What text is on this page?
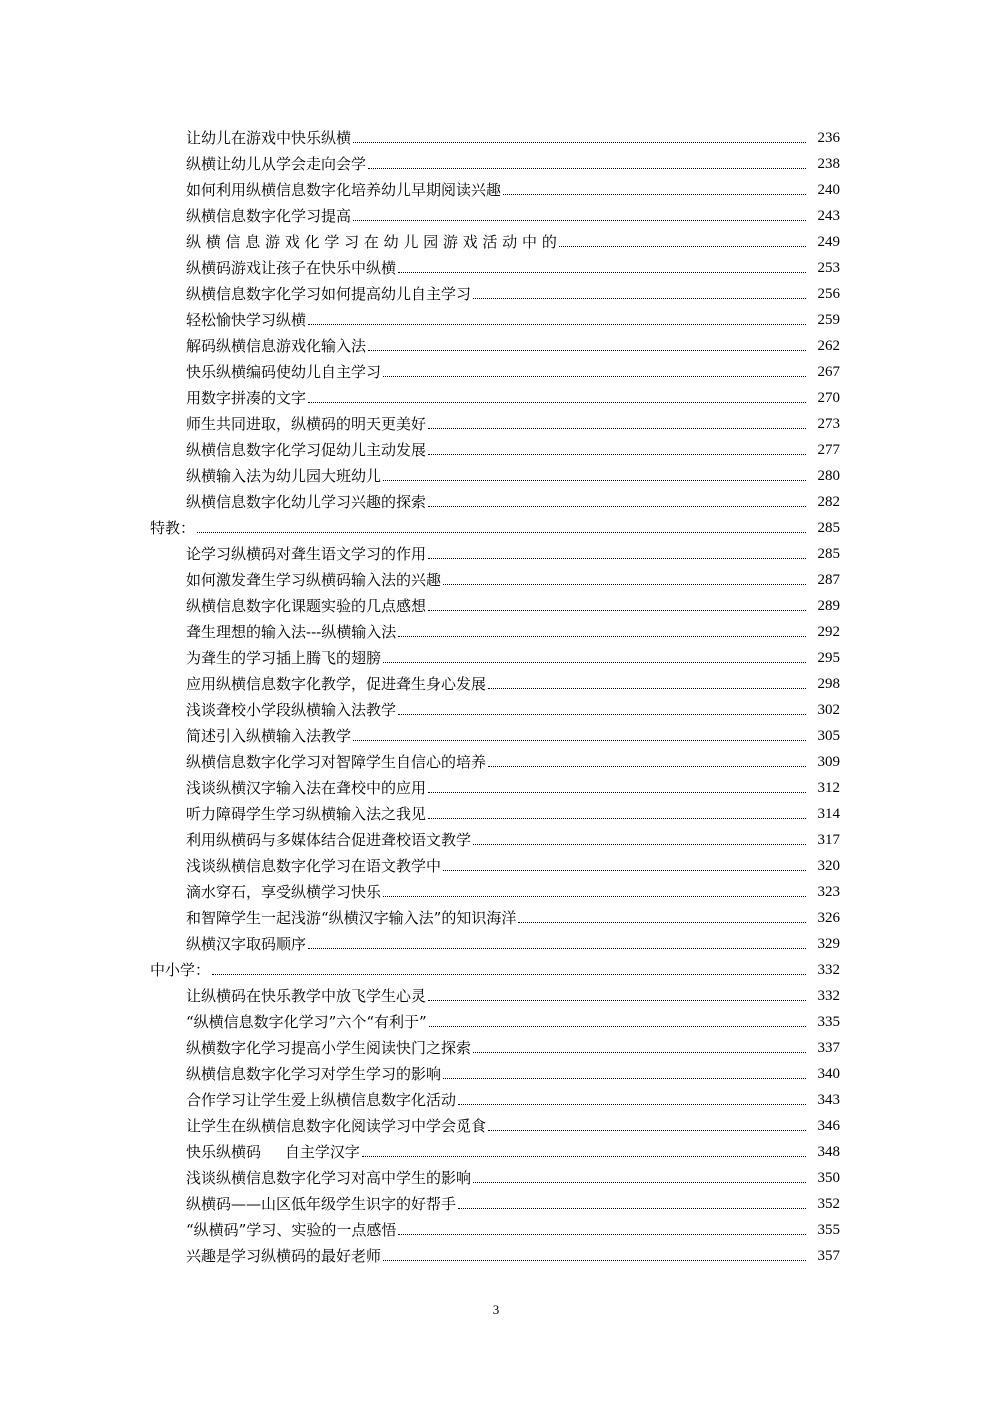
让幼儿在游戏中快乐纵横	236
纵横让幼儿从学会走向会学	238
如何利用纵横信息数字化培养幼儿早期阅读兴趣	240
纵横信息数字化学习提高	243
纵 横 信 息 游 戏 化 学 习 在 幼 儿 园 游 戏 活 动 中 的	249
纵横码游戏让孩子在快乐中纵横	253
纵横信息数字化学习如何提高幼儿自主学习	256
轻松愉快学习纵横	259
解码纵横信息游戏化输入法	262
快乐纵横编码使幼儿自主学习	267
用数字拼凑的文字	270
师生共同进取，纵横码的明天更美好	273
纵横信息数字化学习促幼儿主动发展	277
纵横输入法为幼儿园大班幼儿	280
纵横信息数字化幼儿学习兴趣的探索	282
特教：	285
论学习纵横码对聋生语文学习的作用	285
如何激发聋生学习纵横码输入法的兴趣	287
纵横信息数字化课题实验的几点感想	289
聋生理想的输入法---纵横输入法	292
为聋生的学习插上腾飞的翅膀	295
应用纵横信息数字化教学，促进聋生身心发展	298
浅谈聋校小学段纵横输入法教学	302
简述引入纵横输入法教学	305
纵横信息数字化学习对智障学生自信心的培养	309
浅谈纵横汉字输入法在聋校中的应用	312
听力障碍学生学习纵横输入法之我见	314
利用纵横码与多媒体结合促进聋校语文教学	317
浅谈纵横信息数字化学习在语文教学中	320
滴水穿石，享受纵横学习快乐	323
和智障学生一起浅游“纵横汉字输入法”的知识海洋	326
纵横汉字取码顺序	329
中小学：	332
让纵横码在快乐教学中放飞学生心灵	332
“纵横信息数字化学习”六个“有利于”	335
纵横数字化学习提高小学生阅读快门之探索	337
纵横信息数字化学习对学生学习的影响	340
合作学习让学生爱上纵横信息数字化活动	343
让学生在纵横信息数字化阅读学习中学会觅食	346
快乐纵横码     自主学汉字	348
浅谈纵横信息数字化学习对高中学生的影响	350
纵横码——山区低年级学生识字的好帮手	352
“纵横码”学习、实验的一点感悟	355
兴趣是学习纵横码的最好老师	357
3
